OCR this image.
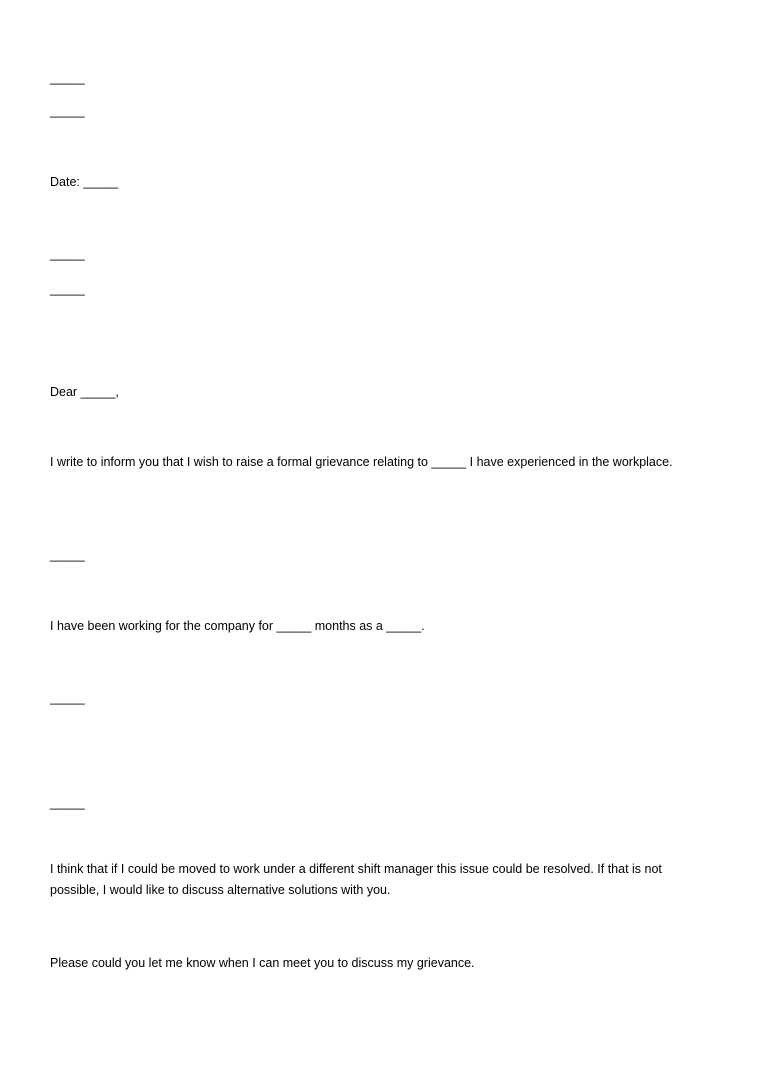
_____
_____
Date: _____
_____
_____
Dear _____,
I write to inform you that I wish to raise a formal grievance relating to _____ I have experienced in the workplace.
_____
I have been working for the company for _____ months as a _____.
_____
_____
I think that if I could be moved to work under a different shift manager this issue could be resolved. If that is not possible, I would like to discuss alternative solutions with you.
Please could you let me know when I can meet you to discuss my grievance.
